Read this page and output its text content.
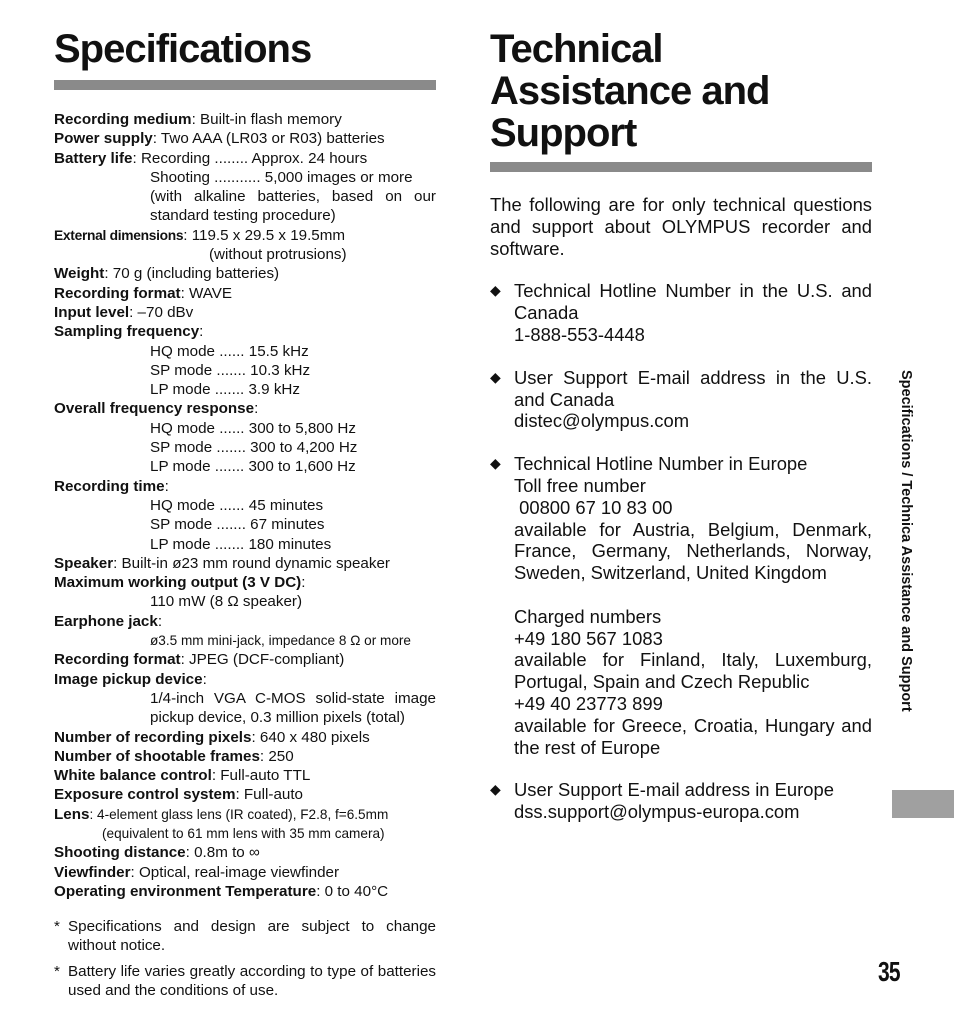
Specifications
Recording medium: Built-in flash memory
Power supply: Two AAA (LR03 or R03) batteries
Battery life: Recording ........ Approx. 24 hours
Shooting ........... 5,000 images or more
(with alkaline batteries, based on our standard testing procedure)
External dimensions: 119.5 x 29.5 x 19.5mm
(without protrusions)
Weight: 70 g (including batteries)
Recording format: WAVE
Input level: –70 dBv
Sampling frequency:
HQ mode ...... 15.5 kHz
SP mode ....... 10.3 kHz
LP mode ....... 3.9 kHz
Overall frequency response:
HQ mode ...... 300 to 5,800 Hz
SP mode ....... 300 to 4,200 Hz
LP mode ....... 300 to 1,600 Hz
Recording time:
HQ mode ...... 45 minutes
SP mode ....... 67 minutes
LP mode ....... 180 minutes
Speaker: Built-in ø23 mm round dynamic speaker
Maximum working output (3 V DC):
110 mW (8 Ω speaker)
Earphone jack:
ø3.5 mm mini-jack, impedance 8 Ω or more
Recording format: JPEG (DCF-compliant)
Image pickup device:
1/4-inch VGA C-MOS solid-state image pickup device, 0.3 million pixels (total)
Number of recording pixels: 640 x 480 pixels
Number of shootable frames: 250
White balance control: Full-auto TTL
Exposure control system: Full-auto
Lens: 4-element glass lens (IR coated), F2.8, f=6.5mm
(equivalent to 61 mm lens with 35 mm camera)
Shooting distance: 0.8m to ∞
Viewfinder: Optical, real-image viewfinder
Operating environment Temperature: 0 to 40°C
* Specifications and design are subject to change without notice.
* Battery life varies greatly according to type of batteries used and the conditions of use.
Technical
Assistance and
Support
The following are for only technical questions and support about OLYMPUS recorder and software.
◆ Technical Hotline Number in the U.S. and Canada
1-888-553-4448
◆ User Support E-mail address in the U.S. and Canada
distec@olympus.com
◆ Technical Hotline Number in Europe
Toll free number
00800 67 10 83 00
available for Austria, Belgium, Denmark, France, Germany, Netherlands, Norway, Sweden, Switzerland, United Kingdom
Charged numbers
+49 180 567 1083
available for Finland, Italy, Luxemburg, Portugal, Spain and Czech Republic
+49 40 23773 899
available for Greece, Croatia, Hungary and the rest of Europe
◆ User Support E-mail address in Europe
dss.support@olympus-europa.com
Specifications / Technica Assistance and Support
35
